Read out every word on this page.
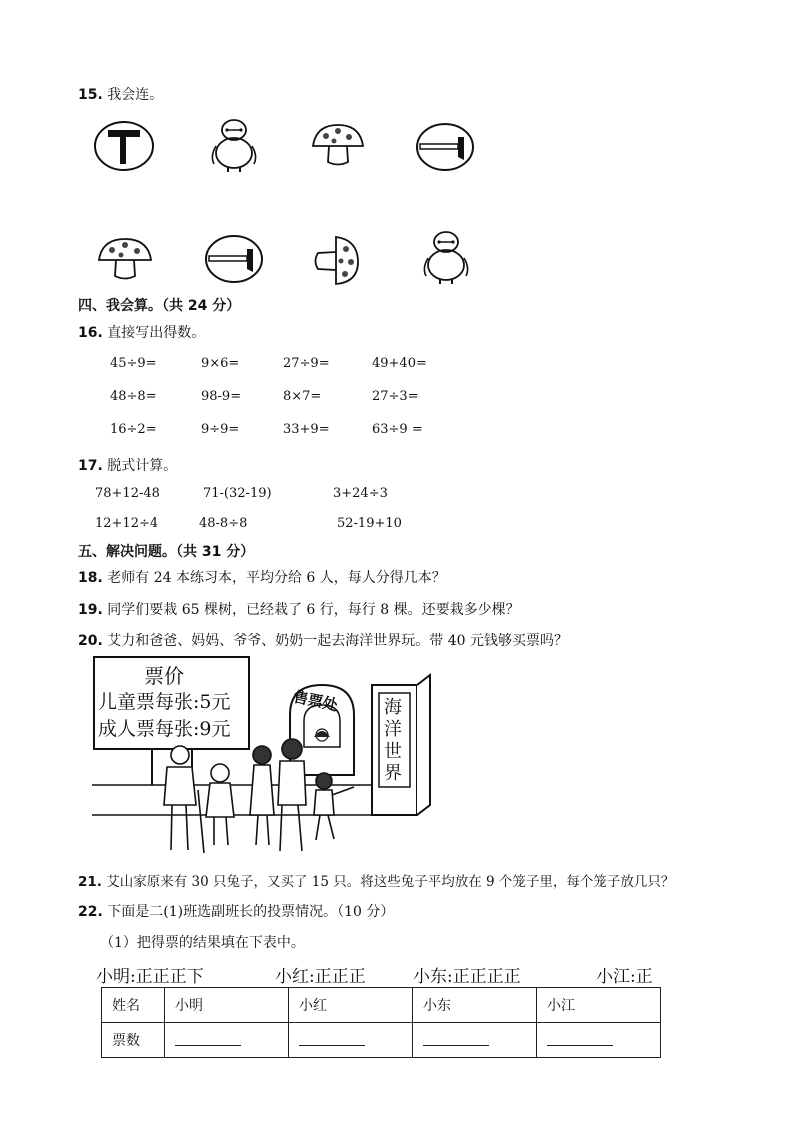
15. 我会连。
四、我会算。（共 24 分）
16. 直接写出得数。
45÷9=	9×6=	27÷9=	49+40=
48÷8=	98-9=	8×7=	27÷3=
16÷2=	9÷9=	33+9=	63÷9 =
17. 脱式计算。
78+12-48	71-(32-19)	3+24÷3
12+12÷4	48-8÷8	52-19+10
五、解决问题。（共 31 分）
18. 老师有 24 本练习本，平均分给 6 人，每人分得几本？
19. 同学们要栽 65 棵树，已经栽了 6 行，每行 8 棵。还要栽多少棵？
20. 艾力和爸爸、妈妈、爷爷、奶奶一起去海洋世界玩。带 40 元钱够买票吗？
票价
儿童票每张:5元
成人票每张:9元
售票处 海
洋
世
界
21. 艾山家原来有 30 只兔子，又买了 15 只。将这些兔子平均放在 9 个笼子里，每个笼子放几只？
22. 下面是二(1)班选副班长的投票情况。（10 分）
（1）把得票的结果填在下表中。
小明:正正正下	小红:正正正	小东:正正正正	小江:正
姓名	小明	小红	小东	小江
票数				
